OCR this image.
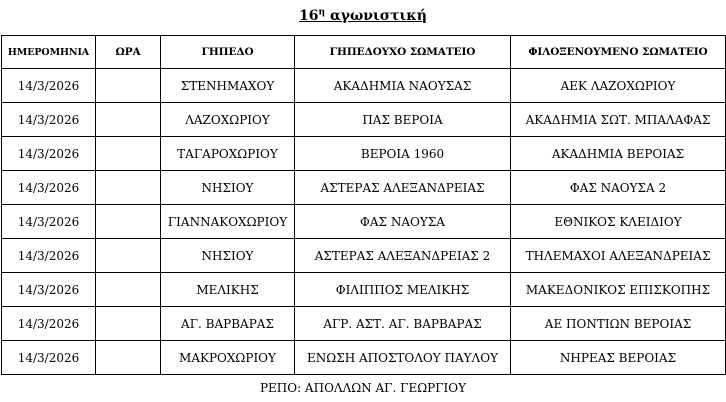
$16^\eta$ αγωνιστική
ΗΜΕΡΟΜΗΝΙΑ	ΩΡΑ	ΓΗΠΕΔΟ	ΓΗΠΕΔΟΥΧΟ ΣΩΜΑΤΕΙΟ	ΦΙΛΟΞΕΝΟΥΜΕΝΟ ΣΩΜΑΤΕΙΟ
14/3/2026		ΣΤΕΝΗΜΑΧΟΥ	ΑΚΑΔΗΜΙΑ ΝΑΟΥΣΑΣ	ΑΕΚ ΛΑΖΟΧΩΡΙΟΥ
14/3/2026		ΛΑΖΟΧΩΡΙΟΥ	ΠΑΣ ΒΕΡΟΙΑ	ΑΚΑΔΗΜΙΑ ΣΩΤ. ΜΠΑΛΑΦΑΣ
14/3/2026		ΤΑΓΑΡΟΧΩΡΙΟΥ	ΒΕΡΟΙΑ 1960	ΑΚΑΔΗΜΙΑ ΒΕΡΟΙΑΣ
14/3/2026		ΝΗΣΙΟΥ	ΑΣΤΕΡΑΣ ΑΛΕΞΑΝΔΡΕΙΑΣ	ΦΑΣ ΝΑΟΥΣΑ 2
14/3/2026		ΓΙΑΝΝΑΚΟΧΩΡΙΟΥ	ΦΑΣ ΝΑΟΥΣΑ	ΕΘΝΙΚΟΣ ΚΛΕΙΔΙΟΥ
14/3/2026		ΝΗΣΙΟΥ	ΑΣΤΕΡΑΣ ΑΛΕΞΑΝΔΡΕΙΑΣ 2	ΤΗΛΕΜΑΧΟΙ ΑΛΕΞΑΝΔΡΕΙΑΣ
14/3/2026		ΜΕΛΙΚΗΣ	ΦΙΛΙΠΠΟΣ ΜΕΛΙΚΗΣ	ΜΑΚΕΔΟΝΙΚΟΣ ΕΠΙΣΚΟΠΗΣ
14/3/2026		ΑΓ. ΒΑΡΒΑΡΑΣ	ΑΓΡ. ΑΣΤ. ΑΓ. ΒΑΡΒΑΡΑΣ	ΑΕ ΠΟΝΤΙΩΝ ΒΕΡΟΙΑΣ
14/3/2026		ΜΑΚΡΟΧΩΡΙΟΥ	ΕΝΩΣΗ ΑΠΟΣΤΟΛΟΥ ΠΑΥΛΟΥ	ΝΗΡΕΑΣ ΒΕΡΟΙΑΣ
ΡΕΠΟ: ΑΠΟΛΛΩΝ ΑΓ. ΓΕΩΡΓΙΟΥ
